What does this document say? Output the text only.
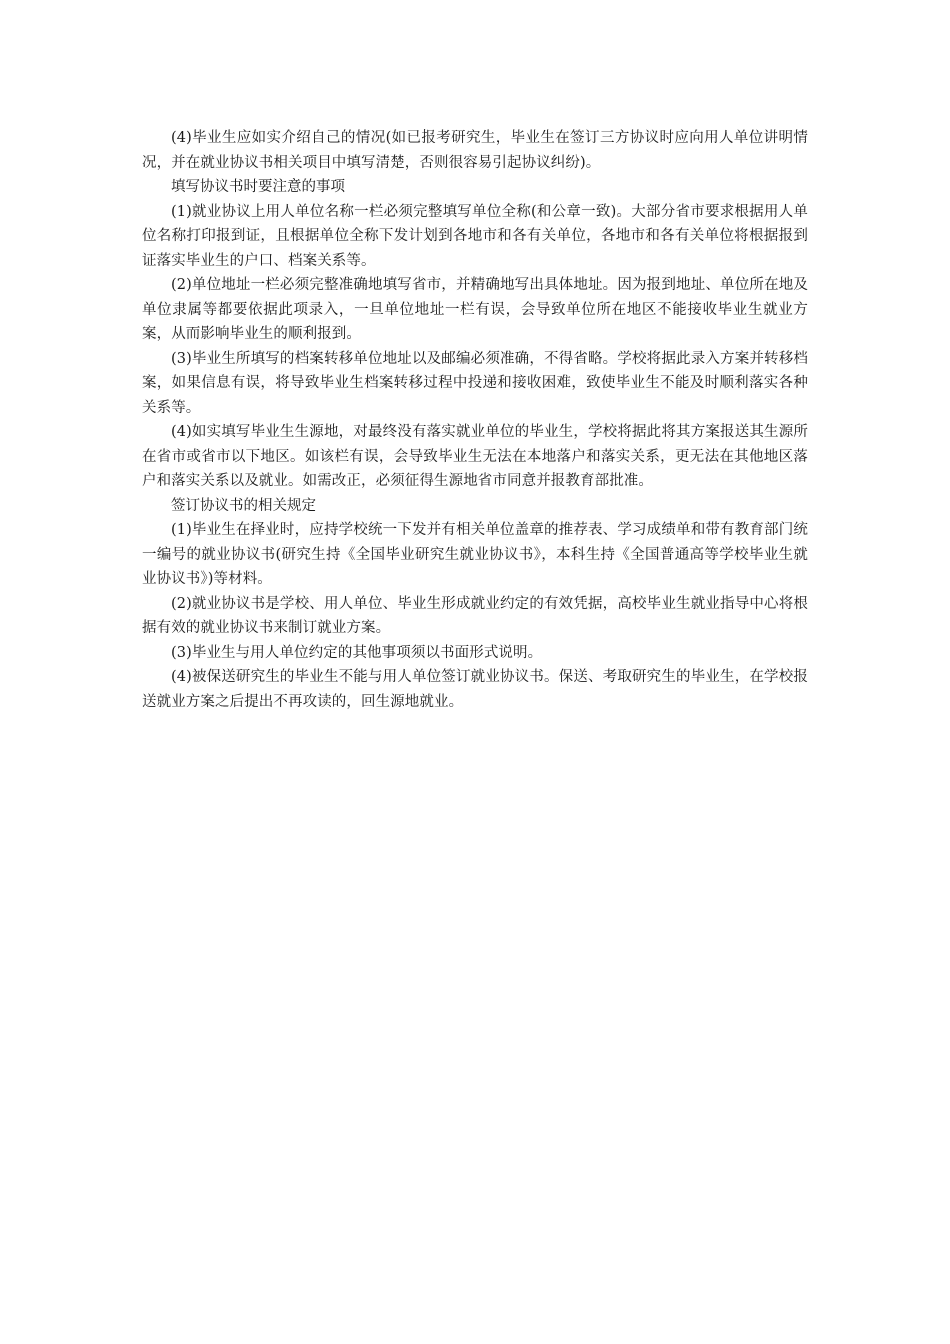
(4)毕业生应如实介绍自己的情况(如已报考研究生，毕业生在签订三方协议时应向用人单位讲明情况，并在就业协议书相关项目中填写清楚，否则很容易引起协议纠纷)。

填写协议书时要注意的事项

(1)就业协议上用人单位名称一栏必须完整填写单位全称(和公章一致)。大部分省市要求根据用人单位名称打印报到证，且根据单位全称下发计划到各地市和各有关单位，各地市和各有关单位将根据报到证落实毕业生的户口、档案关系等。

(2)单位地址一栏必须完整准确地填写省市，并精确地写出具体地址。因为报到地址、单位所在地及单位隶属等都要依据此项录入，一旦单位地址一栏有误，会导致单位所在地区不能接收毕业生就业方案，从而影响毕业生的顺利报到。

(3)毕业生所填写的档案转移单位地址以及邮编必须准确，不得省略。学校将据此录入方案并转移档案，如果信息有误，将导致毕业生档案转移过程中投递和接收困难，致使毕业生不能及时顺利落实各种关系等。

(4)如实填写毕业生生源地，对最终没有落实就业单位的毕业生，学校将据此将其方案报送其生源所在省市或省市以下地区。如该栏有误，会导致毕业生无法在本地落户和落实关系，更无法在其他地区落户和落实关系以及就业。如需改正，必须征得生源地省市同意并报教育部批准。

签订协议书的相关规定

(1)毕业生在择业时，应持学校统一下发并有相关单位盖章的推荐表、学习成绩单和带有教育部门统一编号的就业协议书(研究生持《全国毕业研究生就业协议书》，本科生持《全国普通高等学校毕业生就业协议书》)等材料。

(2)就业协议书是学校、用人单位、毕业生形成就业约定的有效凭据，高校毕业生就业指导中心将根据有效的就业协议书来制订就业方案。

(3)毕业生与用人单位约定的其他事项须以书面形式说明。

(4)被保送研究生的毕业生不能与用人单位签订就业协议书。保送、考取研究生的毕业生，在学校报送就业方案之后提出不再攻读的，回生源地就业。
